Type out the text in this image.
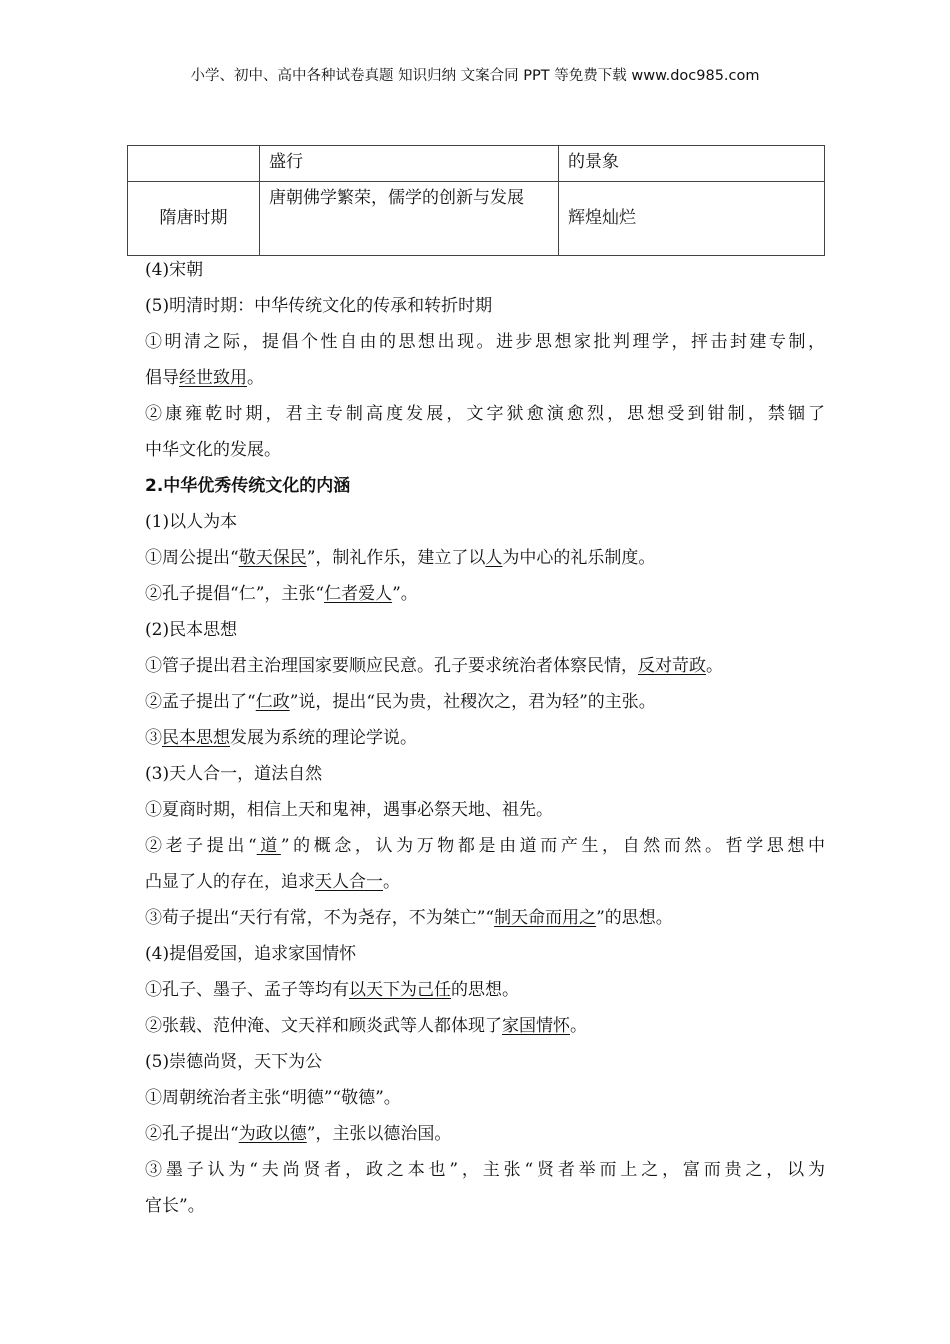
小学、初中、高中各种试卷真题 知识归纳 文案合同 PPT 等免费下载 www.doc985.com
	盛行	的景象
隋唐时期	唐朝佛学繁荣，儒学的创新与发展	辉煌灿烂
(4)宋朝
(5)明清时期：中华传统文化的传承和转折时期
①明清之际，提倡个性自由的思想出现。进步思想家批判理学，抨击封建专制，
倡导经世致用。
②康雍乾时期，君主专制高度发展，文字狱愈演愈烈，思想受到钳制，禁锢了
中华文化的发展。
2.中华优秀传统文化的内涵
(1)以人为本
①周公提出“敬天保民”，制礼作乐，建立了以人为中心的礼乐制度。
②孔子提倡“仁”，主张“仁者爱人”。
(2)民本思想
①管子提出君主治理国家要顺应民意。孔子要求统治者体察民情，反对苛政。
②孟子提出了“仁政”说，提出“民为贵，社稷次之，君为轻”的主张。
③民本思想发展为系统的理论学说。
(3)天人合一，道法自然
①夏商时期，相信上天和鬼神，遇事必祭天地、祖先。
②老子提出“道”的概念，认为万物都是由道而产生，自然而然。哲学思想中
凸显了人的存在，追求天人合一。
③荀子提出“天行有常，不为尧存，不为桀亡”“制天命而用之”的思想。
(4)提倡爱国，追求家国情怀
①孔子、墨子、孟子等均有以天下为己任的思想。
②张载、范仲淹、文天祥和顾炎武等人都体现了家国情怀。
(5)崇德尚贤，天下为公
①周朝统治者主张“明德”“敬德”。
②孔子提出“为政以德”，主张以德治国。
③墨子认为“夫尚贤者，政之本也”，主张“贤者举而上之，富而贵之，以为
官长”。
